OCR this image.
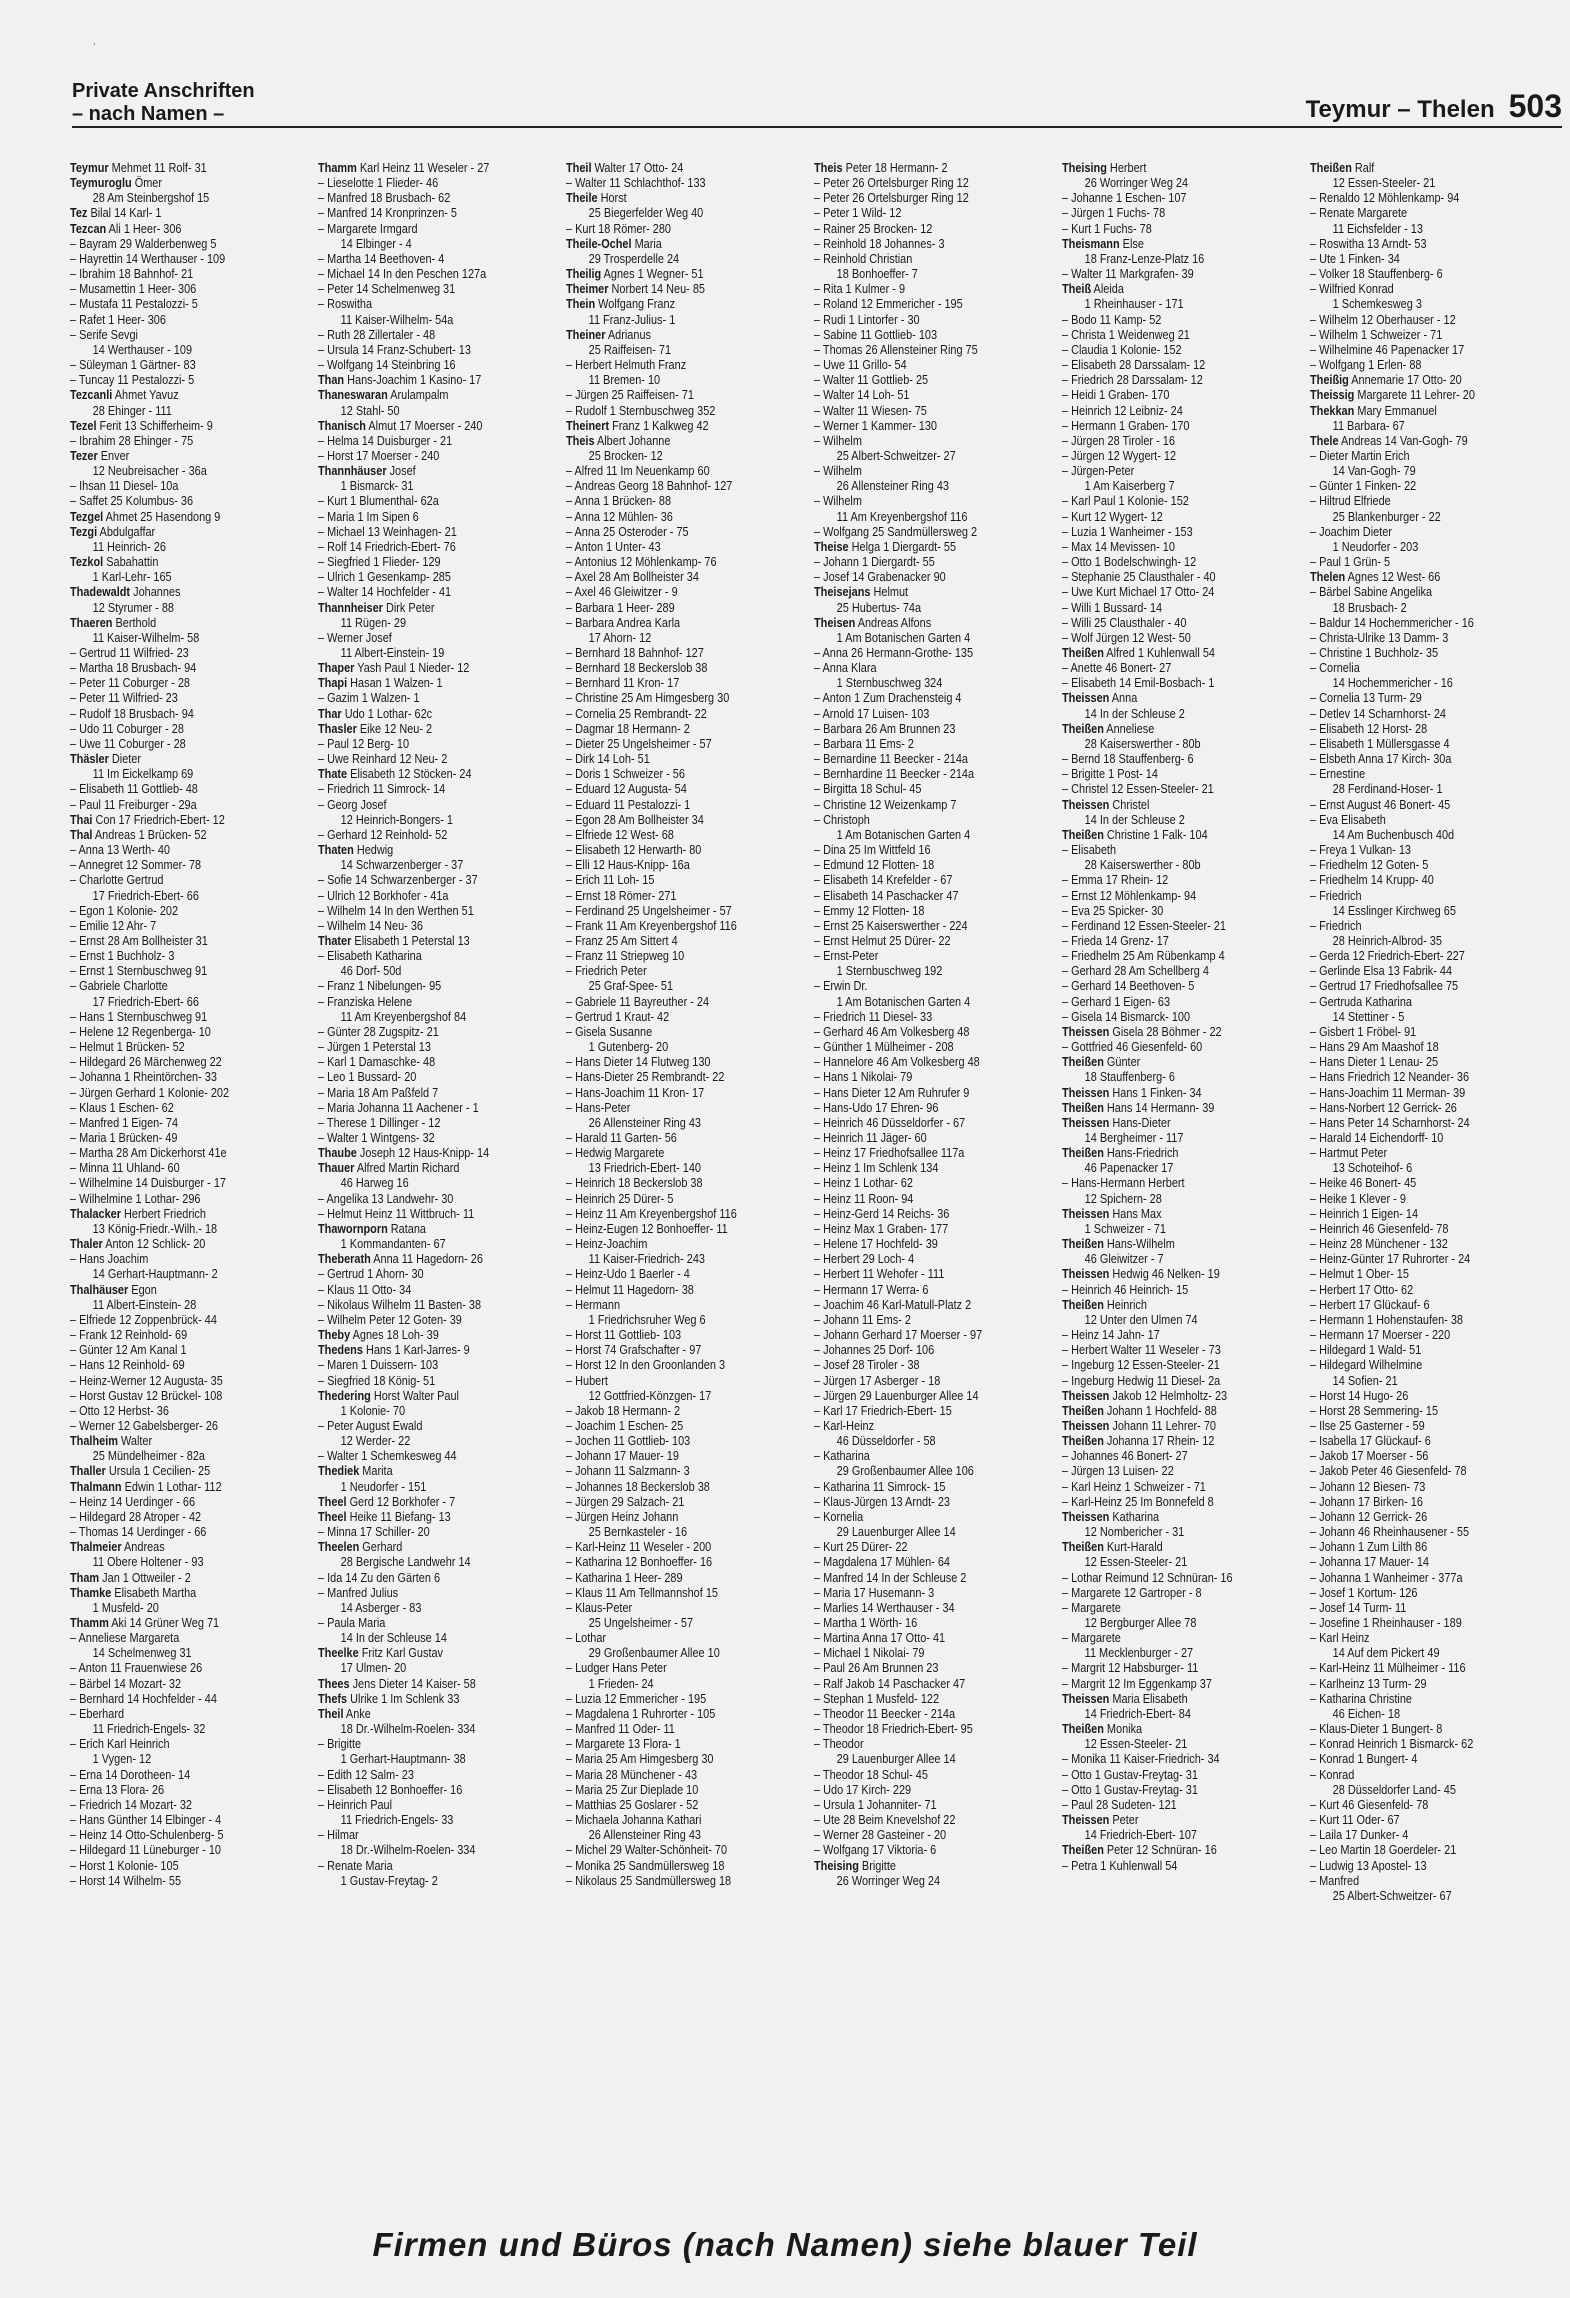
ˈ
Private Anschriften
– nach Namen –	Teymur – Thelen 503
Teymur Mehmet 11 Rolf- 31
Teymuroglu Ömer
28 Am Steinbergshof 15
Tez Bilal 14 Karl- 1
Tezcan Ali 1 Heer- 306
– Bayram 29 Walderbenweg 5
– Hayrettin 14 Werthauser - 109
– Ibrahim 18 Bahnhof- 21
– Musamettin 1 Heer- 306
– Mustafa 11 Pestalozzi- 5
– Rafet 1 Heer- 306
– Serife Sevgi
14 Werthauser - 109
– Süleyman 1 Gärtner- 83
– Tuncay 11 Pestalozzi- 5
Tezcanli Ahmet Yavuz
28 Ehinger - 111
Tezel Ferit 13 Schifferheim- 9
– Ibrahim 28 Ehinger - 75
Tezer Enver
12 Neubreisacher - 36a
– Ihsan 11 Diesel- 10a
– Saffet 25 Kolumbus- 36
Tezgel Ahmet 25 Hasendong 9
Tezgi Abdulgaffar
11 Heinrich- 26
Tezkol Sabahattin
1 Karl-Lehr- 165
Thadewaldt Johannes
12 Styrumer - 88
Thaeren Berthold
11 Kaiser-Wilhelm- 58
– Gertrud 11 Wilfried- 23
– Martha 18 Brusbach- 94
– Peter 11 Coburger - 28
– Peter 11 Wilfried- 23
– Rudolf 18 Brusbach- 94
– Udo 11 Coburger - 28
– Uwe 11 Coburger - 28
Thäsler Dieter
11 Im Eickelkamp 69
– Elisabeth 11 Gottlieb- 48
– Paul 11 Freiburger - 29a
Thai Con 17 Friedrich-Ebert- 12
Thal Andreas 1 Brücken- 52
– Anna 13 Werth- 40
– Annegret 12 Sommer- 78
– Charlotte Gertrud
17 Friedrich-Ebert- 66
– Egon 1 Kolonie- 202
– Emilie 12 Ahr- 7
– Ernst 28 Am Bollheister 31
– Ernst 1 Buchholz- 3
– Ernst 1 Sternbuschweg 91
– Gabriele Charlotte
17 Friedrich-Ebert- 66
– Hans 1 Sternbuschweg 91
– Helene 12 Regenberga- 10
– Helmut 1 Brücken- 52
– Hildegard 26 Märchenweg 22
– Johanna 1 Rheintörchen- 33
– Jürgen Gerhard 1 Kolonie- 202
– Klaus 1 Eschen- 62
– Manfred 1 Eigen- 74
– Maria 1 Brücken- 49
– Martha 28 Am Dickerhorst 41e
– Minna 11 Uhland- 60
– Wilhelmine 14 Duisburger - 17
– Wilhelmine 1 Lothar- 296
Thalacker Herbert Friedrich
13 König-Friedr.-Wilh.- 18
Thaler Anton 12 Schlick- 20
– Hans Joachim
14 Gerhart-Hauptmann- 2
Thalhäuser Egon
11 Albert-Einstein- 28
– Elfriede 12 Zoppenbrück- 44
– Frank 12 Reinhold- 69
– Günter 12 Am Kanal 1
– Hans 12 Reinhold- 69
– Heinz-Werner 12 Augusta- 35
– Horst Gustav 12 Brückel- 108
– Otto 12 Herbst- 36
– Werner 12 Gabelsberger- 26
Thalheim Walter
25 Mündelheimer - 82a
Thaller Ursula 1 Cecilien- 25
Thalmann Edwin 1 Lothar- 112
– Heinz 14 Uerdinger - 66
– Hildegard 28 Atroper - 42
– Thomas 14 Uerdinger - 66
Thalmeier Andreas
11 Obere Holtener - 93
Tham Jan 1 Ottweiler - 2
Thamke Elisabeth Martha
1 Musfeld- 20
Thamm Aki 14 Grüner Weg 71
– Anneliese Margareta
14 Schelmenweg 31
– Anton 11 Frauenwiese 26
– Bärbel 14 Mozart- 32
– Bernhard 14 Hochfelder - 44
– Eberhard
11 Friedrich-Engels- 32
– Erich Karl Heinrich
1 Vygen- 12
– Erna 14 Dorotheen- 14
– Erna 13 Flora- 26
– Friedrich 14 Mozart- 32
– Hans Günther 14 Elbinger - 4
– Heinz 14 Otto-Schulenberg- 5
– Hildegard 11 Lüneburger - 10
– Horst 1 Kolonie- 105
– Horst 14 Wilhelm- 55
Thamm Karl Heinz 11 Weseler - 27
– Lieselotte 1 Flieder- 46
– Manfred 18 Brusbach- 62
– Manfred 14 Kronprinzen- 5
– Margarete Irmgard
14 Elbinger - 4
– Martha 14 Beethoven- 4
– Michael 14 In den Peschen 127a
– Peter 14 Schelmenweg 31
– Roswitha
11 Kaiser-Wilhelm- 54a
– Ruth 28 Zillertaler - 48
– Ursula 14 Franz-Schubert- 13
– Wolfgang 14 Steinbring 16
Than Hans-Joachim 1 Kasino- 17
Thaneswaran Arulampalm
12 Stahl- 50
Thanisch Almut 17 Moerser - 240
– Helma 14 Duisburger - 21
– Horst 17 Moerser - 240
Thannhäuser Josef
1 Bismarck- 31
– Kurt 1 Blumenthal- 62a
– Maria 1 Im Sipen 6
– Michael 13 Weinhagen- 21
– Rolf 14 Friedrich-Ebert- 76
– Siegfried 1 Flieder- 129
– Ulrich 1 Gesenkamp- 285
– Walter 14 Hochfelder - 41
Thannheiser Dirk Peter
11 Rügen- 29
– Werner Josef
11 Albert-Einstein- 19
Thaper Yash Paul 1 Nieder- 12
Thapi Hasan 1 Walzen- 1
– Gazim 1 Walzen- 1
Thar Udo 1 Lothar- 62c
Thasler Eike 12 Neu- 2
– Paul 12 Berg- 10
– Uwe Reinhard 12 Neu- 2
Thate Elisabeth 12 Stöcken- 24
– Friedrich 11 Simrock- 14
– Georg Josef
12 Heinrich-Bongers- 1
– Gerhard 12 Reinhold- 52
Thaten Hedwig
14 Schwarzenberger - 37
– Sofie 14 Schwarzenberger - 37
– Ulrich 12 Borkhofer - 41a
– Wilhelm 14 In den Werthen 51
– Wilhelm 14 Neu- 36
Thater Elisabeth 1 Peterstal 13
– Elisabeth Katharina
46 Dorf- 50d
– Franz 1 Nibelungen- 95
– Franziska Helene
11 Am Kreyenbergshof 84
– Günter 28 Zugspitz- 21
– Jürgen 1 Peterstal 13
– Karl 1 Damaschke- 48
– Leo 1 Bussard- 20
– Maria 18 Am Paßfeld 7
– Maria Johanna 11 Aachener - 1
– Therese 1 Dillinger - 12
– Walter 1 Wintgens- 32
Thaube Joseph 12 Haus-Knipp- 14
Thauer Alfred Martin Richard
46 Harweg 16
– Angelika 13 Landwehr- 30
– Helmut Heinz 11 Wittbruch- 11
Thawornporn Ratana
1 Kommandanten- 67
Theberath Anna 11 Hagedorn- 26
– Gertrud 1 Ahorn- 30
– Klaus 11 Otto- 34
– Nikolaus Wilhelm 11 Basten- 38
– Wilhelm Peter 12 Goten- 39
Theby Agnes 18 Loh- 39
Thedens Hans 1 Karl-Jarres- 9
– Maren 1 Duissern- 103
– Siegfried 18 König- 51
Thedering Horst Walter Paul
1 Kolonie- 70
– Peter August Ewald
12 Werder- 22
– Walter 1 Schemkesweg 44
Thediek Marita
1 Neudorfer - 151
Theel Gerd 12 Borkhofer - 7
Theel Heike 11 Biefang- 13
– Minna 17 Schiller- 20
Theelen Gerhard
28 Bergische Landwehr 14
– Ida 14 Zu den Gärten 6
– Manfred Julius
14 Asberger - 83
– Paula Maria
14 In der Schleuse 14
Theelke Fritz Karl Gustav
17 Ulmen- 20
Thees Jens Dieter 14 Kaiser- 58
Thefs Ulrike 1 Im Schlenk 33
Theil Anke
18 Dr.-Wilhelm-Roelen- 334
– Brigitte
1 Gerhart-Hauptmann- 38
– Edith 12 Salm- 23
– Elisabeth 12 Bonhoeffer- 16
– Heinrich Paul
11 Friedrich-Engels- 33
– Hilmar
18 Dr.-Wilhelm-Roelen- 334
– Renate Maria
1 Gustav-Freytag- 2
Theil Walter 17 Otto- 24
– Walter 11 Schlachthof- 133
Theile Horst
25 Biegerfelder Weg 40
– Kurt 18 Römer- 280
Theile-Ochel Maria
29 Trosperdelle 24
Theilig Agnes 1 Wegner- 51
Theimer Norbert 14 Neu- 85
Thein Wolfgang Franz
11 Franz-Julius- 1
Theiner Adrianus
25 Raiffeisen- 71
– Herbert Helmuth Franz
11 Bremen- 10
– Jürgen 25 Raiffeisen- 71
– Rudolf 1 Sternbuschweg 352
Theinert Franz 1 Kalkweg 42
Theis Albert Johanne
25 Brocken- 12
– Alfred 11 Im Neuenkamp 60
– Andreas Georg 18 Bahnhof- 127
– Anna 1 Brücken- 88
– Anna 12 Mühlen- 36
– Anna 25 Osteroder - 75
– Anton 1 Unter- 43
– Antonius 12 Möhlenkamp- 76
– Axel 28 Am Bollheister 34
– Axel 46 Gleiwitzer - 9
– Barbara 1 Heer- 289
– Barbara Andrea Karla
17 Ahorn- 12
– Bernhard 18 Bahnhof- 127
– Bernhard 18 Beckerslob 38
– Bernhard 11 Kron- 17
– Christine 25 Am Himgesberg 30
– Cornelia 25 Rembrandt- 22
– Dagmar 18 Hermann- 2
– Dieter 25 Ungelsheimer - 57
– Dirk 14 Loh- 51
– Doris 1 Schweizer - 56
– Eduard 12 Augusta- 54
– Eduard 11 Pestalozzi- 1
– Egon 28 Am Bollheister 34
– Elfriede 12 West- 68
– Elisabeth 12 Herwarth- 80
– Elli 12 Haus-Knipp- 16a
– Erich 11 Loh- 15
– Ernst 18 Römer- 271
– Ferdinand 25 Ungelsheimer - 57
– Frank 11 Am Kreyenbergshof 116
– Franz 25 Am Sittert 4
– Franz 11 Striepweg 10
– Friedrich Peter
25 Graf-Spee- 51
– Gabriele 11 Bayreuther - 24
– Gertrud 1 Kraut- 42
– Gisela Susanne
1 Gutenberg- 20
– Hans Dieter 14 Flutweg 130
– Hans-Dieter 25 Rembrandt- 22
– Hans-Joachim 11 Kron- 17
– Hans-Peter
26 Allensteiner Ring 43
– Harald 11 Garten- 56
– Hedwig Margarete
13 Friedrich-Ebert- 140
– Heinrich 18 Beckerslob 38
– Heinrich 25 Dürer- 5
– Heinz 11 Am Kreyenbergshof 116
– Heinz-Eugen 12 Bonhoeffer- 11
– Heinz-Joachim
11 Kaiser-Friedrich- 243
– Heinz-Udo 1 Baerler - 4
– Helmut 11 Hagedorn- 38
– Hermann
1 Friedrichsruher Weg 6
– Horst 11 Gottlieb- 103
– Horst 74 Grafschafter - 97
– Horst 12 In den Groonlanden 3
– Hubert
12 Gottfried-Könzgen- 17
– Jakob 18 Hermann- 2
– Joachim 1 Eschen- 25
– Jochen 11 Gottlieb- 103
– Johann 17 Mauer- 19
– Johann 11 Salzmann- 3
– Johannes 18 Beckerslob 38
– Jürgen 29 Salzach- 21
– Jürgen Heinz Johann
25 Bernkasteler - 16
– Karl-Heinz 11 Weseler - 200
– Katharina 12 Bonhoeffer- 16
– Katharina 1 Heer- 289
– Klaus 11 Am Tellmannshof 15
– Klaus-Peter
25 Ungelsheimer - 57
– Lothar
29 Großenbaumer Allee 10
– Ludger Hans Peter
1 Frieden- 24
– Luzia 12 Emmericher - 195
– Magdalena 1 Ruhrorter - 105
– Manfred 11 Oder- 11
– Margarete 13 Flora- 1
– Maria 25 Am Himgesberg 30
– Maria 28 Münchener - 43
– Maria 25 Zur Diepladе 10
– Matthias 25 Goslarer - 52
– Michaela Johanna Kathari
26 Allensteiner Ring 43
– Michel 29 Walter-Schönheit- 70
– Monika 25 Sandmüllersweg 18
– Nikolaus 25 Sandmüllersweg 18
Theis Peter 18 Hermann- 2
– Peter 26 Ortelsburger Ring 12
– Peter 26 Ortelsburger Ring 12
– Peter 1 Wild- 12
– Rainer 25 Brocken- 12
– Reinhold 18 Johannes- 3
– Reinhold Christian
18 Bonhoeffer- 7
– Rita 1 Kulmer - 9
– Roland 12 Emmericher - 195
– Rudi 1 Lintorfer - 30
– Sabine 11 Gottlieb- 103
– Thomas 26 Allensteiner Ring 75
– Uwe 11 Grillo- 54
– Walter 11 Gottlieb- 25
– Walter 14 Loh- 51
– Walter 11 Wiesen- 75
– Werner 1 Kammer- 130
– Wilhelm
25 Albert-Schweitzer- 27
– Wilhelm
26 Allensteiner Ring 43
– Wilhelm
11 Am Kreyenbergshof 116
– Wolfgang 25 Sandmüllersweg 2
Theise Helga 1 Diergardt- 55
– Johann 1 Diergardt- 55
– Josef 14 Grabenacker 90
Theisejans Helmut
25 Hubertus- 74a
Theisen Andreas Alfons
1 Am Botanischen Garten 4
– Anna 26 Hermann-Grothe- 135
– Anna Klara
1 Sternbuschweg 324
– Anton 1 Zum Drachensteig 4
– Arnold 17 Luisen- 103
– Barbara 26 Am Brunnen 23
– Barbara 11 Ems- 2
– Bernardine 11 Beecker - 214a
– Bernhardine 11 Beecker - 214a
– Birgitta 18 Schul- 45
– Christine 12 Weizenkamp 7
– Christoph
1 Am Botanischen Garten 4
– Dina 25 Im Wittfeld 16
– Edmund 12 Flotten- 18
– Elisabeth 14 Krefelder - 67
– Elisabeth 14 Paschacker 47
– Emmy 12 Flotten- 18
– Ernst 25 Kaiserswerther - 224
– Ernst Helmut 25 Dürer- 22
– Ernst-Peter
1 Sternbuschweg 192
– Erwin Dr.
1 Am Botanischen Garten 4
– Friedrich 11 Diesel- 33
– Gerhard 46 Am Volkesberg 48
– Günther 1 Mülheimer - 208
– Hannelore 46 Am Volkesberg 48
– Hans 1 Nikolai- 79
– Hans Dieter 12 Am Ruhrufer 9
– Hans-Udo 17 Ehren- 96
– Heinrich 46 Düsseldorfer - 67
– Heinrich 11 Jäger- 60
– Heinz 17 Friedhofsallee 117a
– Heinz 1 Im Schlenk 134
– Heinz 1 Lothar- 62
– Heinz 11 Roon- 94
– Heinz-Gerd 14 Reichs- 36
– Heinz Max 1 Graben- 177
– Helene 17 Hochfeld- 39
– Herbert 29 Loch- 4
– Herbert 11 Wehofer - 111
– Hermann 17 Werra- 6
– Joachim 46 Karl-Matull-Platz 2
– Johann 11 Ems- 2
– Johann Gerhard 17 Moerser - 97
– Johannes 25 Dorf- 106
– Josef 28 Tiroler - 38
– Jürgen 17 Asberger - 18
– Jürgen 29 Lauenburger Allee 14
– Karl 17 Friedrich-Ebert- 15
– Karl-Heinz
46 Düsseldorfer - 58
– Katharina
29 Großenbaumer Allee 106
– Katharina 11 Simrock- 15
– Klaus-Jürgen 13 Arndt- 23
– Kornelia
29 Lauenburger Allee 14
– Kurt 25 Dürer- 22
– Magdalena 17 Mühlen- 64
– Manfred 14 In der Schleuse 2
– Maria 17 Husemann- 3
– Marlies 14 Werthauser - 34
– Martha 1 Wörth- 16
– Martina Anna 17 Otto- 41
– Michael 1 Nikolai- 79
– Paul 26 Am Brunnen 23
– Ralf Jakob 14 Paschacker 47
– Stephan 1 Musfeld- 122
– Theodor 11 Beecker - 214a
– Theodor 18 Friedrich-Ebert- 95
– Theodor
29 Lauenburger Allee 14
– Theodor 18 Schul- 45
– Udo 17 Kirch- 229
– Ursula 1 Johanniter- 71
– Ute 28 Beim Knevelshof 22
– Werner 28 Gasteiner - 20
– Wolfgang 17 Viktoria- 6
Theising Brigitte
26 Worringer Weg 24
Theising Herbert
26 Worringer Weg 24
– Johanne 1 Eschen- 107
– Jürgen 1 Fuchs- 78
– Kurt 1 Fuchs- 78
Theismann Else
18 Franz-Lenze-Platz 16
– Walter 11 Markgrafen- 39
Theiß Aleida
1 Rheinhauser - 171
– Bodo 11 Kamp- 52
– Christa 1 Weidenweg 21
– Claudia 1 Kolonie- 152
– Elisabeth 28 Darssalam- 12
– Friedrich 28 Darssalam- 12
– Heidi 1 Graben- 170
– Heinrich 12 Leibniz- 24
– Hermann 1 Graben- 170
– Jürgen 28 Tiroler - 16
– Jürgen 12 Wygert- 12
– Jürgen-Peter
1 Am Kaiserberg 7
– Karl Paul 1 Kolonie- 152
– Kurt 12 Wygert- 12
– Luzia 1 Wanheimer - 153
– Max 14 Mevissen- 10
– Otto 1 Bodelschwingh- 12
– Stephanie 25 Clausthaler - 40
– Uwe Kurt Michael 17 Otto- 24
– Willi 1 Bussard- 14
– Willi 25 Clausthaler - 40
– Wolf Jürgen 12 West- 50
Theißen Alfred 1 Kuhlenwall 54
– Anette 46 Bonert- 27
– Elisabeth 14 Emil-Bosbach- 1
Theissen Anna
14 In der Schleuse 2
Theißen Anneliese
28 Kaiserswerther - 80b
– Bernd 18 Stauffenberg- 6
– Brigitte 1 Post- 14
– Christel 12 Essen-Steeler- 21
Theissen Christel
14 In der Schleuse 2
Theißen Christine 1 Falk- 104
– Elisabeth
28 Kaiserswerther - 80b
– Emma 17 Rhein- 12
– Ernst 12 Möhlenkamp- 94
– Eva 25 Spicker- 30
– Ferdinand 12 Essen-Steeler- 21
– Frieda 14 Grenz- 17
– Friedhelm 25 Am Rübenkamp 4
– Gerhard 28 Am Schellberg 4
– Gerhard 14 Beethoven- 5
– Gerhard 1 Eigen- 63
– Gisela 14 Bismarck- 100
Theissen Gisela 28 Böhmer - 22
– Gottfried 46 Giesenfeld- 60
Theißen Günter
18 Stauffenberg- 6
Theissen Hans 1 Finken- 34
Theißen Hans 14 Hermann- 39
Theissen Hans-Dieter
14 Bergheimer - 117
Theißen Hans-Friedrich
46 Papenacker 17
– Hans-Hermann Herbert
12 Spichern- 28
Theissen Hans Max
1 Schweizer - 71
Theißen Hans-Wilhelm
46 Gleiwitzer - 7
Theissen Hedwig 46 Nelken- 19
– Heinrich 46 Heinrich- 15
Theißen Heinrich
12 Unter den Ulmen 74
– Heinz 14 Jahn- 17
– Herbert Walter 11 Weseler - 73
– Ingeburg 12 Essen-Steeler- 21
– Ingeburg Hedwig 11 Diesel- 2a
Theissen Jakob 12 Helmholtz- 23
Theißen Johann 1 Hochfeld- 88
Theissen Johann 11 Lehrer- 70
Theißen Johanna 17 Rhein- 12
– Johannes 46 Bonert- 27
– Jürgen 13 Luisen- 22
– Karl Heinz 1 Schweizer - 71
– Karl-Heinz 25 Im Bonnefeld 8
Theissen Katharina
12 Nombericher - 31
Theißen Kurt-Harald
12 Essen-Steeler- 21
– Lothar Reimund 12 Schnüran- 16
– Margarete 12 Gartroper - 8
– Margarete
12 Bergburger Allee 78
– Margarete
11 Mecklenburger - 27
– Margrit 12 Habsburger- 11
– Margrit 12 Im Eggenkamp 37
Theissen Maria Elisabeth
14 Friedrich-Ebert- 84
Theißen Monika
12 Essen-Steeler- 21
– Monika 11 Kaiser-Friedrich- 34
– Otto 1 Gustav-Freytag- 31
– Otto 1 Gustav-Freytag- 31
– Paul 28 Sudeten- 121
Theissen Peter
14 Friedrich-Ebert- 107
Theißen Peter 12 Schnüran- 16
– Petra 1 Kuhlenwall 54
Theißen Ralf
12 Essen-Steeler- 21
– Renaldo 12 Möhlenkamp- 94
– Renate Margarete
11 Eichsfelder - 13
– Roswitha 13 Arndt- 53
– Ute 1 Finken- 34
– Volker 18 Stauffenberg- 6
– Wilfried Konrad
1 Schemkesweg 3
– Wilhelm 12 Oberhauser - 12
– Wilhelm 1 Schweizer - 71
– Wilhelmine 46 Papenacker 17
– Wolfgang 1 Erlen- 88
Theißig Annemarie 17 Otto- 20
Theissig Margarete 11 Lehrer- 20
Thekkan Mary Emmanuel
11 Barbara- 67
Thele Andreas 14 Van-Gogh- 79
– Dieter Martin Erich
14 Van-Gogh- 79
– Günter 1 Finken- 22
– Hiltrud Elfriede
25 Blankenburger - 22
– Joachim Dieter
1 Neudorfer - 203
– Paul 1 Grün- 5
Thelen Agnes 12 West- 66
– Bärbel Sabine Angelika
18 Brusbach- 2
– Baldur 14 Hochemmericher - 16
– Christa-Ulrike 13 Damm- 3
– Christine 1 Buchholz- 35
– Cornelia
14 Hochemmericher - 16
– Cornelia 13 Turm- 29
– Detlev 14 Scharnhorst- 24
– Elisabeth 12 Horst- 28
– Elisabeth 1 Müllersgasse 4
– Elsbeth Anna 17 Kirch- 30a
– Ernestine
28 Ferdinand-Hoser- 1
– Ernst August 46 Bonert- 45
– Eva Elisabeth
14 Am Buchenbusch 40d
– Freya 1 Vulkan- 13
– Friedhelm 12 Goten- 5
– Friedhelm 14 Krupp- 40
– Friedrich
14 Esslinger Kirchweg 65
– Friedrich
28 Heinrich-Albrod- 35
– Gerda 12 Friedrich-Ebert- 227
– Gerlinde Elsa 13 Fabrik- 44
– Gertrud 17 Friedhofsallee 75
– Gertruda Katharina
14 Stettiner - 5
– Gisbert 1 Fröbel- 91
– Hans 29 Am Maashof 18
– Hans Dieter 1 Lenau- 25
– Hans Friedrich 12 Neander- 36
– Hans-Joachim 11 Merman- 39
– Hans-Norbert 12 Gerrick- 26
– Hans Peter 14 Scharnhorst- 24
– Harald 14 Eichendorff- 10
– Hartmut Peter
13 Schoteihof- 6
– Heike 46 Bonert- 45
– Heike 1 Klever - 9
– Heinrich 1 Eigen- 14
– Heinrich 46 Giesenfeld- 78
– Heinz 28 Münchener - 132
– Heinz-Günter 17 Ruhrorter - 24
– Helmut 1 Ober- 15
– Herbert 17 Otto- 62
– Herbert 17 Glückauf- 6
– Hermann 1 Hohenstaufen- 38
– Hermann 17 Moerser - 220
– Hildegard 1 Wald- 51
– Hildegard Wilhelmine
14 Sofien- 21
– Horst 14 Hugo- 26
– Horst 28 Semmering- 15
– Ilse 25 Gasterner - 59
– Isabella 17 Glückauf- 6
– Jakob 17 Moerser - 56
– Jakob Peter 46 Giesenfeld- 78
– Johann 12 Biesen- 73
– Johann 17 Birken- 16
– Johann 12 Gerrick- 26
– Johann 46 Rheinhausener - 55
– Johann 1 Zum Lilth 86
– Johanna 17 Mauer- 14
– Johanna 1 Wanheimer - 377a
– Josef 1 Kortum- 126
– Josef 14 Turm- 11
– Josefine 1 Rheinhauser - 189
– Karl Heinz
14 Auf dem Pickert 49
– Karl-Heinz 11 Mülheimer - 116
– Karlheinz 13 Turm- 29
– Katharina Christine
46 Eichen- 18
– Klaus-Dieter 1 Bungert- 8
– Konrad Heinrich 1 Bismarck- 62
– Konrad 1 Bungert- 4
– Konrad
28 Düsseldorfer Land- 45
– Kurt 46 Giesenfeld- 78
– Kurt 11 Oder- 67
– Laila 17 Dunker- 4
– Leo Martin 18 Goerdeler- 21
– Ludwig 13 Apostel- 13
– Manfred
25 Albert-Schweitzer- 67
Firmen und Büros (nach Namen) siehe blauer Teil
